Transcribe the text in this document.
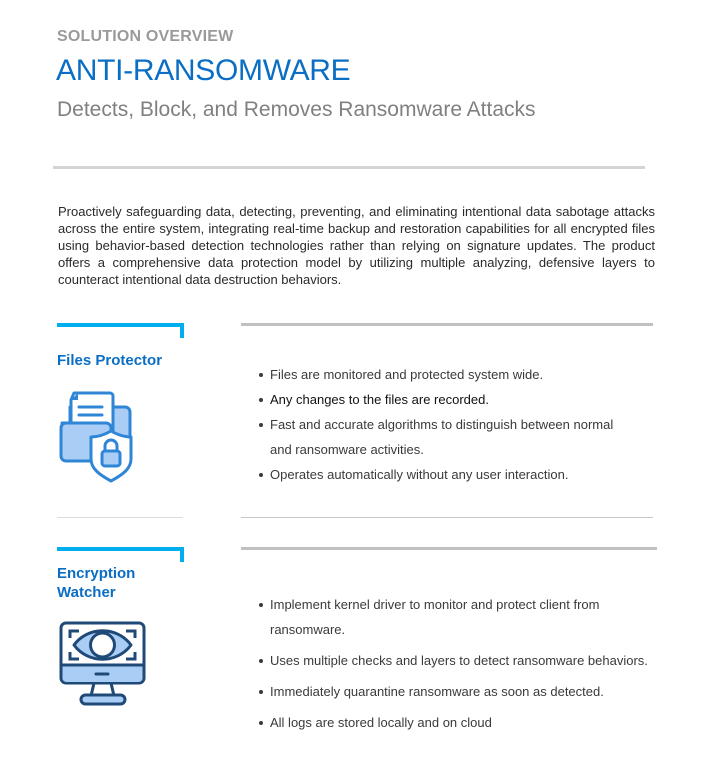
SOLUTION OVERVIEW
ANTI-RANSOMWARE
Detects, Block, and Removes Ransomware Attacks
Proactively safeguarding data, detecting, preventing, and eliminating intentional data sabotage attacks across the entire system, integrating real-time backup and restoration capabilities for all encrypted files using behavior-based detection technologies rather than relying on signature updates. The product offers a comprehensive data protection model by utilizing multiple analyzing, defensive layers to counteract intentional data destruction behaviors.
Files Protector
Files are monitored and protected system wide.
Any changes to the files are recorded.
Fast and accurate algorithms to distinguish between normal and ransomware activities.
Operates automatically without any user interaction.
Encryption
Watcher
Implement kernel driver to monitor and protect client from ransomware.
Uses multiple checks and layers to detect ransomware behaviors.
Immediately quarantine ransomware as soon as detected.
All logs are stored locally and on cloud
